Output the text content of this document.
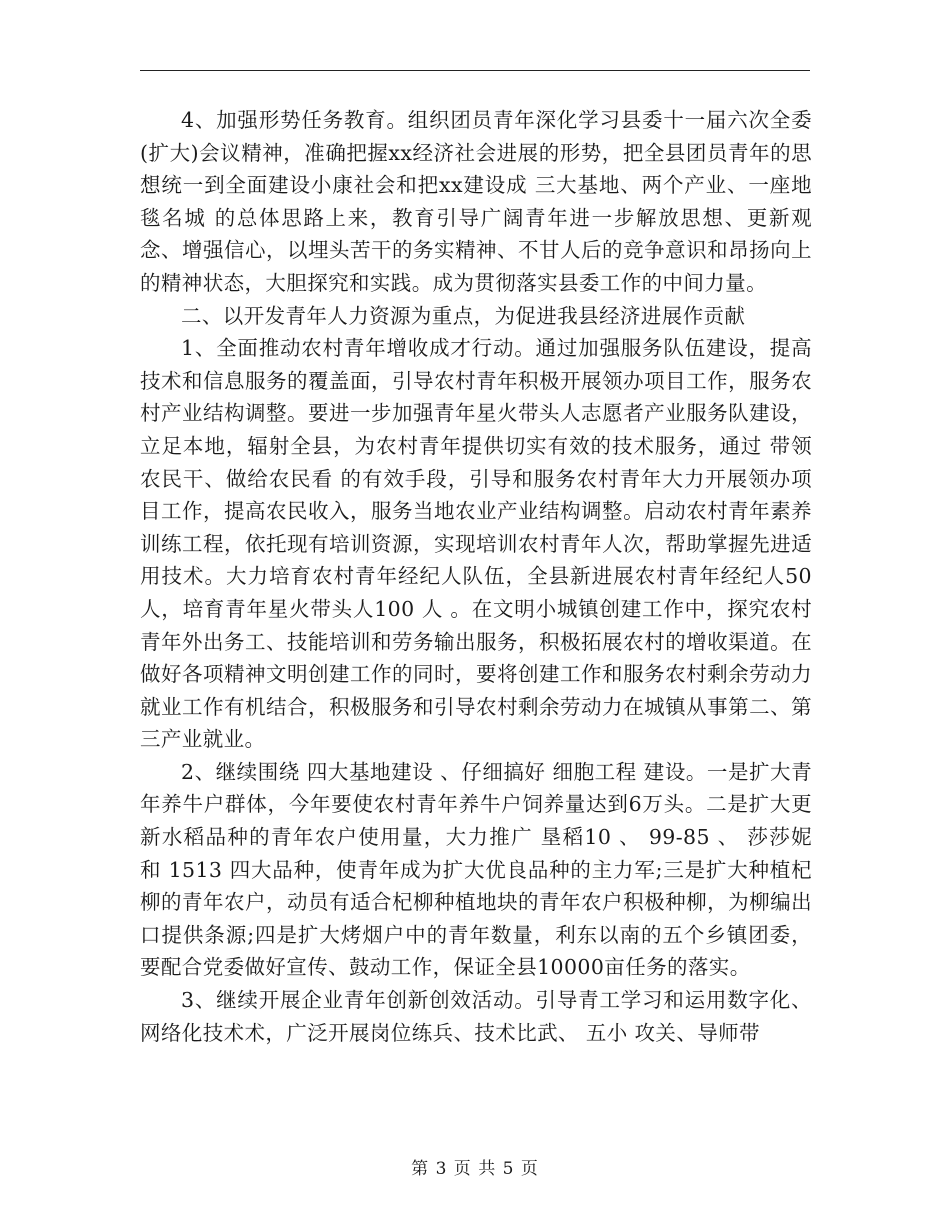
4、加强形势任务教育。组织团员青年深化学习县委十一届六次全委(扩大)会议精神，准确把握xx经济社会进展的形势，把全县团员青年的思想统一到全面建设小康社会和把xx建设成 三大基地、两个产业、一座地毯名城 的总体思路上来，教育引导广阔青年进一步解放思想、更新观念、增强信心，以埋头苦干的务实精神、不甘人后的竞争意识和昂扬向上的精神状态，大胆探究和实践。成为贯彻落实县委工作的中间力量。

二、以开发青年人力资源为重点，为促进我县经济进展作贡献

1、全面推动农村青年增收成才行动。通过加强服务队伍建设，提高技术和信息服务的覆盖面，引导农村青年积极开展领办项目工作，服务农村产业结构调整。要进一步加强青年星火带头人志愿者产业服务队建设，立足本地，辐射全县，为农村青年提供切实有效的技术服务，通过 带领农民干、做给农民看 的有效手段，引导和服务农村青年大力开展领办项目工作，提高农民收入，服务当地农业产业结构调整。启动农村青年素养训练工程，依托现有培训资源，实现培训农村青年人次，帮助掌握先进适用技术。大力培育农村青年经纪人队伍，全县新进展农村青年经纪人50人，培育青年星火带头人100 人 。在文明小城镇创建工作中，探究农村青年外出务工、技能培训和劳务输出服务，积极拓展农村的增收渠道。在做好各项精神文明创建工作的同时，要将创建工作和服务农村剩余劳动力就业工作有机结合，积极服务和引导农村剩余劳动力在城镇从事第二、第三产业就业。

2、继续围绕 四大基地建设 、仔细搞好 细胞工程 建设。一是扩大青年养牛户群体，今年要使农村青年养牛户饲养量达到6万头。二是扩大更新水稻品种的青年农户使用量，大力推广 垦稻10 、 99-85 、 莎莎妮 和 1513 四大品种，使青年成为扩大优良品种的主力军;三是扩大种植杞柳的青年农户，动员有适合杞柳种植地块的青年农户积极种柳，为柳编出口提供条源;四是扩大烤烟户中的青年数量，利东以南的五个乡镇团委，要配合党委做好宣传、鼓动工作，保证全县10000亩任务的落实。

3、继续开展企业青年创新创效活动。引导青工学习和运用数字化、网络化技术术，广泛开展岗位练兵、技术比武、 五小 攻关、导师带

第 3 页 共 5 页
